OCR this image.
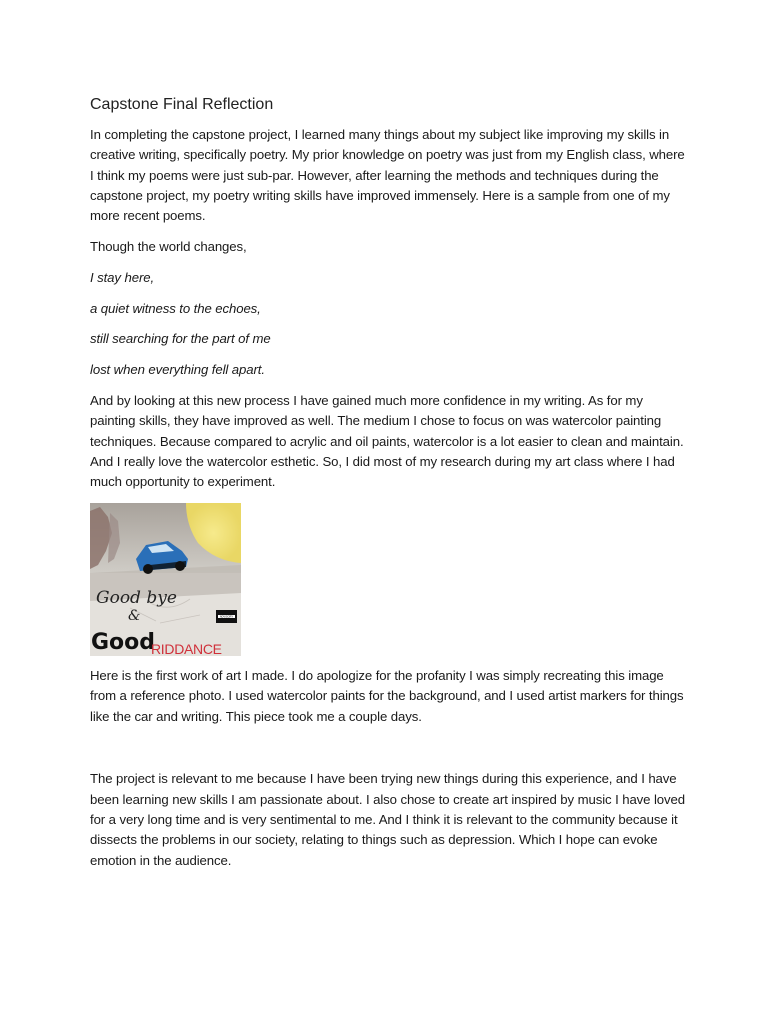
Capstone Final Reflection

In completing the capstone project, I learned many things about my subject like improving my skills in creative writing, specifically poetry. My prior knowledge on poetry was just from my English class, where I think my poems were just sub-par. However, after learning the methods and techniques during the capstone project, my poetry writing skills have improved immensely. Here is a sample from one of my more recent poems.

Though the world changes,

I stay here,

a quiet witness to the echoes,

still searching for the part of me

lost when everything fell apart.

And by looking at this new process I have gained much more confidence in my writing. As for my painting skills, they have improved as well. The medium I chose to focus on was watercolor painting techniques. Because compared to acrylic and oil paints, watercolor is a lot easier to clean and maintain. And I really love the watercolor esthetic. So, I did most of my research during my art class where I had much opportunity to experiment.

ADVISORY
Good bye
&
Good
RIDDANCE

Here is the first work of art I made. I do apologize for the profanity I was simply recreating this image from a reference photo. I used watercolor paints for the background, and I used artist markers for things like the car and writing. This piece took me a couple days.

The project is relevant to me because I have been trying new things during this experience, and I have been learning new skills I am passionate about. I also chose to create art inspired by music I have loved for a very long time and is very sentimental to me. And I think it is relevant to the community because it dissects the problems in our society, relating to things such as depression. Which I hope can evoke emotion in the audience.
